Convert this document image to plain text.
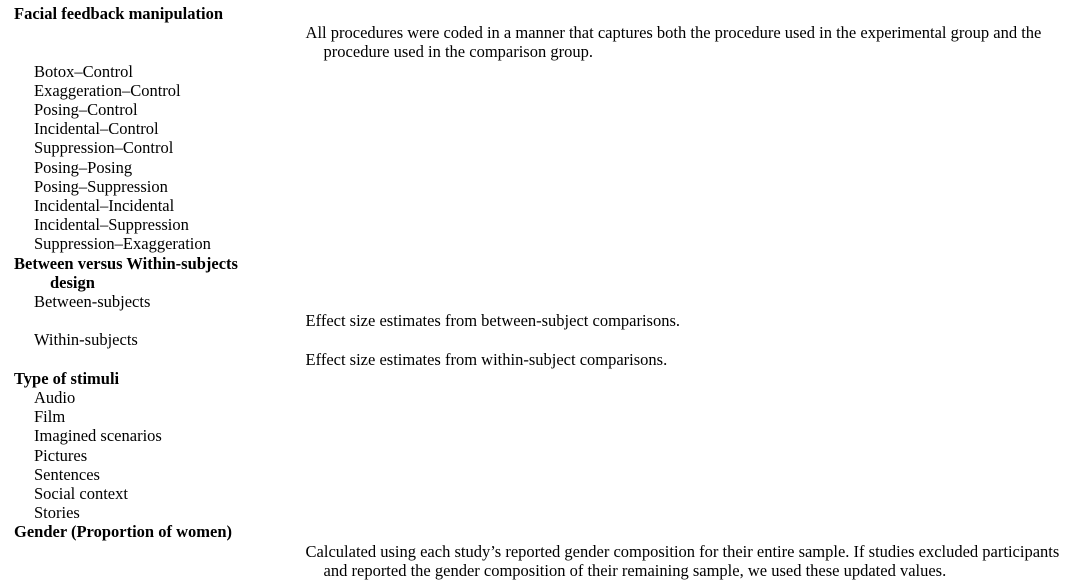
Facial feedback manipulation	All procedures were coded in a manner that captures both the procedure used in the experimental group and the procedure used in the comparison group.

Botox–Control	

Exaggeration–Control	

Posing–Control	

Incidental–Control	

Suppression–Control	

Posing–Posing	

Posing–Suppression	

Incidental–Incidental	

Incidental–Suppression	

Suppression–Exaggeration	

Between versus Within-subjects
design	

Between-subjects	Effect size estimates from between-subject comparisons.

Within-subjects	Effect size estimates from within-subject comparisons.

Type of stimuli	

Audio	

Film	

Imagined scenarios	

Pictures	

Sentences	

Social context	

Stories	

Gender (Proportion of women)	Calculated using each study’s reported gender composition for their entire sample. If studies excluded participants and reported the gender composition of their remaining sample, we used these updated values.
